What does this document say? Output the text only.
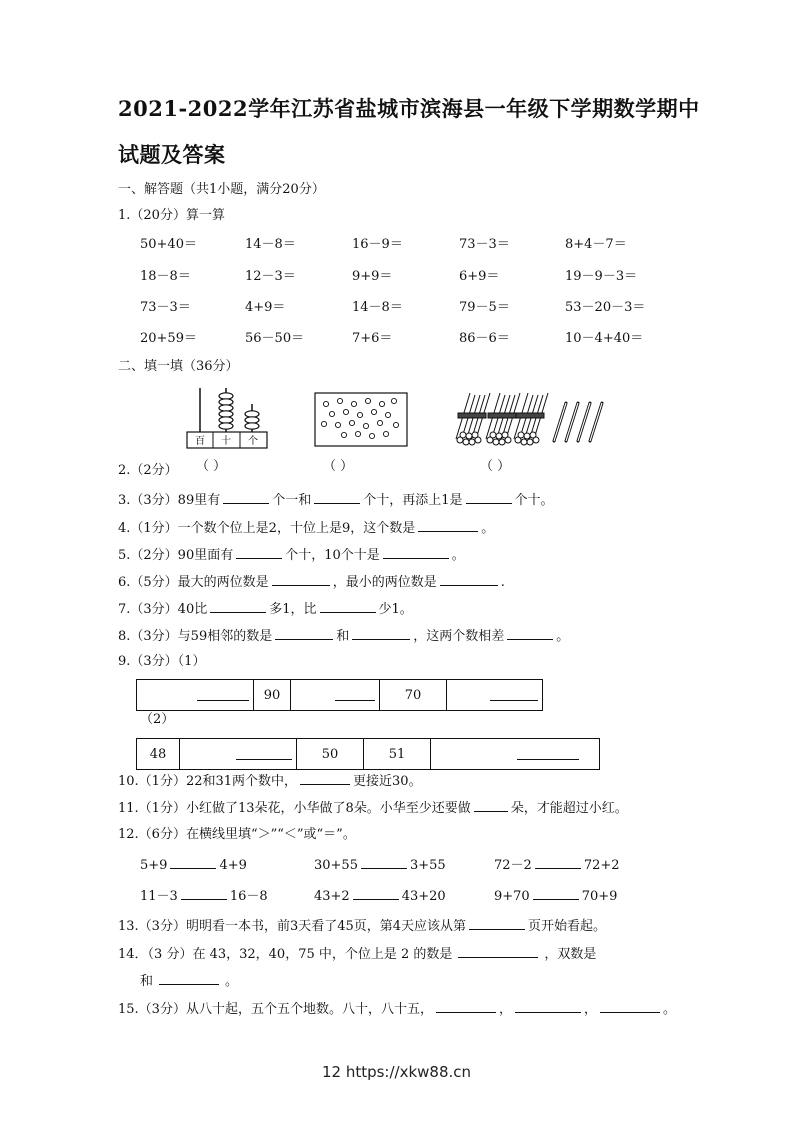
2021-2022学年江苏省盐城市滨海县一年级下学期数学期中
试题及答案
一、解答题（共1小题，满分20分）
1.（20分）算一算
50+40＝	14－8＝	16－9＝	73－3＝	8+4－7＝
18－8＝	12－3＝	9+9＝	6+9＝	19－9－3＝
73－3＝	4+9＝	14－8＝	79－5＝	53－20－3＝
20+59＝	56－50＝	7+6＝	86－6＝	10－4+40＝
二、填一填（36分）
百 十 个
2.（2分） （ ）	（ ）	（ ）
3.（3分）89里有	个一和	个十，再添上1是	个十。
4.（1分）一个数个位上是2，十位上是9，这个数是	。
5.（2分）90里面有	个十，10个十是	。
6.（5分）最大的两位数是	，最小的两位数是	.
7.（3分）40比	多1，比	少1。
8.（3分）与59相邻的数是	和	，这两个数相差	。
9.（3分）（1）
	90		70	
（2）
48		50	51	
10.（1分）22和31两个数中，	更接近30。
11.（1分）小红做了13朵花，小华做了8朵。小华至少还要做	朵，才能超过小红。
12.（6分）在横线里填“＞”“＜”或“＝”。
5+9	4+9	30+55	3+55	72－2	72+2
11－3	16－8	43+2	43+20	9+70	70+9
13.（3分）明明看一本书，前3天看了45页，第4天应该从第	页开始看起。
14．（3 分）在 43，32，40，75 中，个位上是 2 的数是	，双数是
和	。
15.（3分）从八十起，五个五个地数。八十，八十五，	，	，	。
12 https://xkw88.cn
